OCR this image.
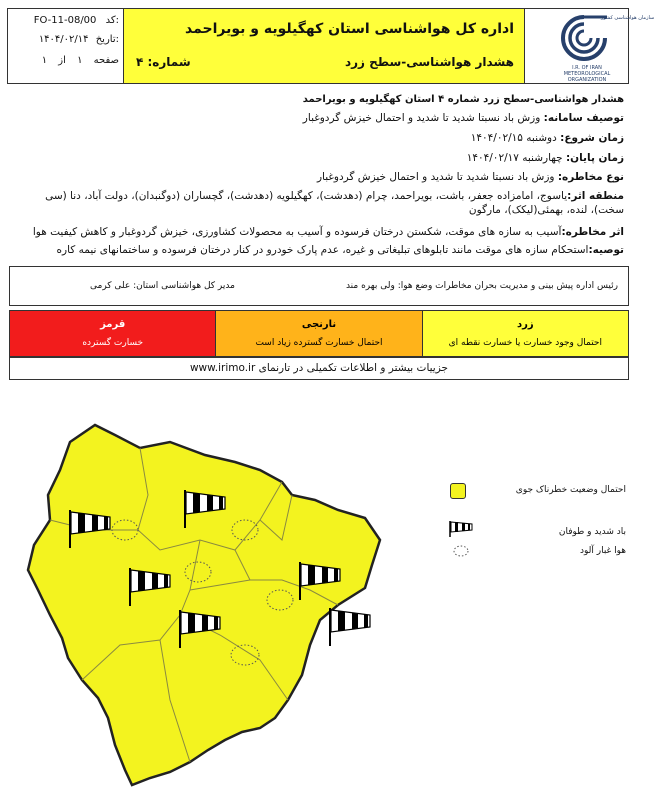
FO-11-08/00 کد:
۱۴۰۴/۰۲/۱۴ تاریخ:
صفحه ۱ از ۱
اداره کل هواشناسی استان کهگیلویه و بویراحمد
هشدار هواشناسی-سطح زرد
شماره: ۴
سازمان هواشناسی کشور
I.R. OF IRAN
METEOROLOGICAL
ORGANIZATION
هشدار هواشناسی-سطح زرد شماره ۴ استان کهگیلویه و بویراحمد
توصیف سامانه: وزش باد نسبتا شدید تا شدید و احتمال خیزش گردوغبار
زمان شروع: دوشنبه ۱۴۰۴/۰۲/۱۵
زمان پایان: چهارشنبه ۱۴۰۴/۰۲/۱۷
نوع مخاطره: وزش باد نسبتا شدید تا شدید و احتمال خیزش گردوغبار
منطقه اثر:یاسوج، امامزاده جعفر، باشت، بویراحمد، چرام (دهدشت)، کهگیلویه (دهدشت)، گچساران (دوگنبدان)، دولت آباد، دنا (سی سخت)، لنده، بهمئی(لیکک)، مارگون
اثر مخاطره:آسیب به سازه های موقت، شکستن درختان فرسوده و آسیب به محصولات کشاورزی، خیزش گردوغبار و کاهش کیفیت هوا
توصیه:استحکام سازه های موقت مانند تابلوهای تبلیغاتی و غیره، عدم پارک خودرو در کنار درختان فرسوده و ساختمانهای نیمه کاره
رئیس اداره پیش بینی و مدیریت بحران مخاطرات وضع هوا: ولی بهره مند
مدیر کل هواشناسی استان: علی کرمی
زرد
احتمال وجود خسارت یا خسارت نقطه ای
نارنجی
احتمال خسارت گسترده زیاد است
قرمز
خسارت گسترده
جزییات بیشتر و اطلاعات تکمیلی در تارنمای www.irimo.ir
احتمال وضعیت خطرناک جوی
باد شدید و طوفان
هوا غبار آلود
